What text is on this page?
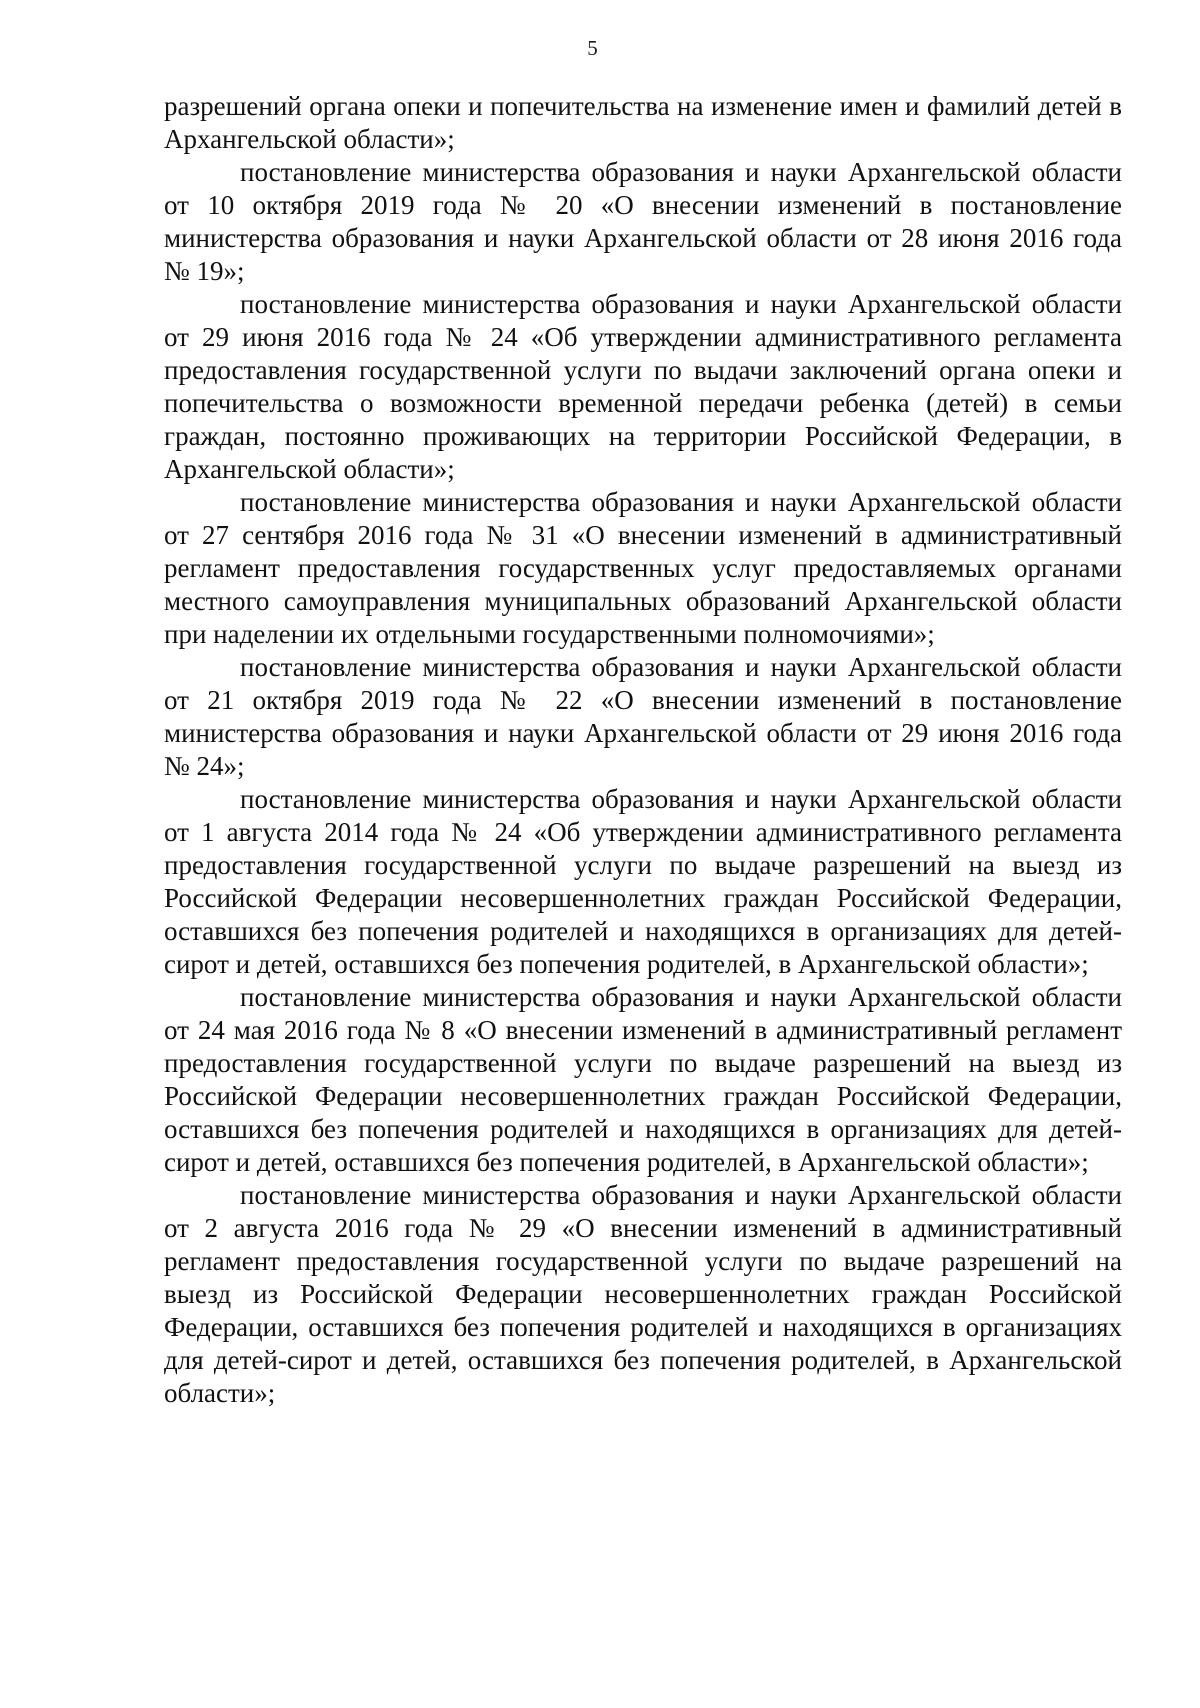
5

разрешений органа опеки и попечительства на изменение имен и фамилий детей в Архангельской области»;

постановление министерства образования и науки Архангельской области от 10 октября 2019 года № 20 «О внесении изменений в постановление министерства образования и науки Архангельской области от 28 июня 2016 года № 19»;

постановление министерства образования и науки Архангельской области от 29 июня 2016 года № 24 «Об утверждении административного регламента предоставления государственной услуги по выдачи заключений органа опеки и попечительства о возможности временной передачи ребенка (детей) в семьи граждан, постоянно проживающих на территории Российской Федерации, в Архангельской области»;

постановление министерства образования и науки Архангельской области от 27 сентября 2016 года № 31 «О внесении изменений в административный регламент предоставления государственных услуг предоставляемых органами местного самоуправления муниципальных образований Архангельской области при наделении их отдельными государственными полномочиями»;

постановление министерства образования и науки Архангельской области от 21 октября 2019 года № 22 «О внесении изменений в постановление министерства образования и науки Архангельской области от 29 июня 2016 года № 24»;

постановление министерства образования и науки Архангельской области от 1 августа 2014 года № 24 «Об утверждении административного регламента предоставления государственной услуги по выдаче разрешений на выезд из Российской Федерации несовершеннолетних граждан Российской Федерации, оставшихся без попечения родителей и находящихся в организациях для детей-сирот и детей, оставшихся без попечения родителей, в Архангельской области»;

постановление министерства образования и науки Архангельской области от 24 мая 2016 года № 8 «О внесении изменений в административный регламент предоставления государственной услуги по выдаче разрешений на выезд из Российской Федерации несовершеннолетних граждан Российской Федерации, оставшихся без попечения родителей и находящихся в организациях для детей-сирот и детей, оставшихся без попечения родителей, в Архангельской области»;

постановление министерства образования и науки Архангельской области от 2 августа 2016 года № 29 «О внесении изменений в административный регламент предоставления государственной услуги по выдаче разрешений на выезд из Российской Федерации несовершеннолетних граждан Российской Федерации, оставшихся без попечения родителей и находящихся в организациях для детей-сирот и детей, оставшихся без попечения родителей, в Архангельской области»;
